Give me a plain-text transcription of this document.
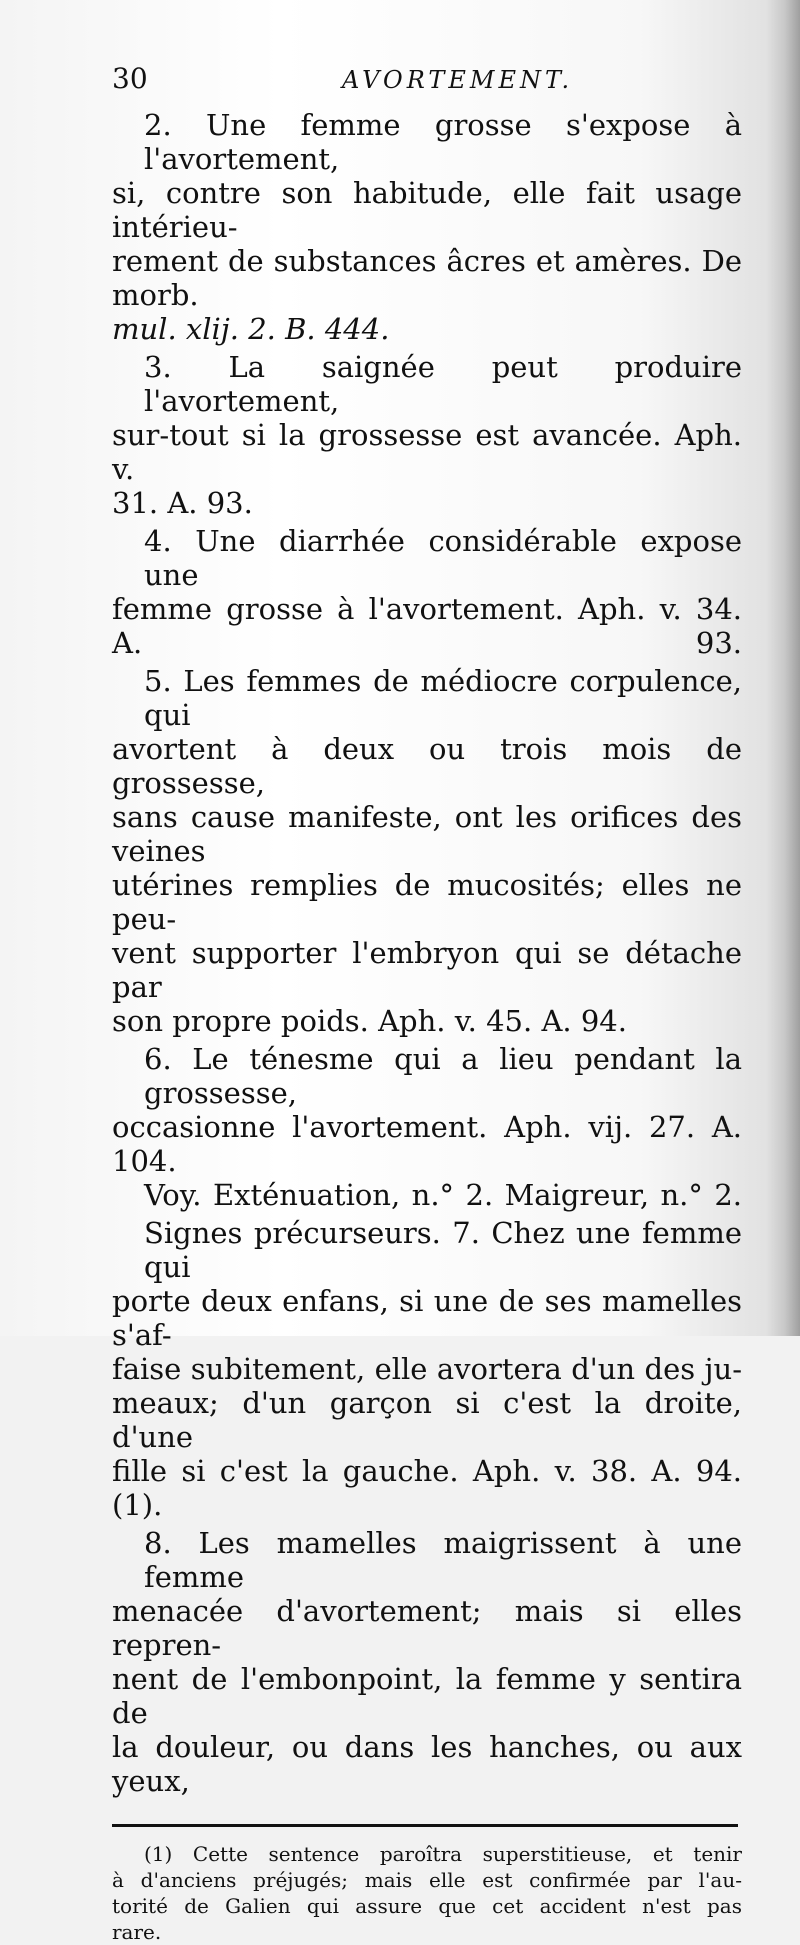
30	AVORTEMENT.
2. Une femme grosse s'expose à l'avortement,
si, contre son habitude, elle fait usage intérieu-
rement de substances âcres et amères. De morb.
mul. xlij. 2. B. 444.
3. La saignée peut produire l'avortement,
sur-tout si la grossesse est avancée. Aph. v.
31. A. 93.
4. Une diarrhée considérable expose une
femme grosse à l'avortement. Aph. v. 34. A. 93.
5. Les femmes de médiocre corpulence, qui
avortent à deux ou trois mois de grossesse,
sans cause manifeste, ont les orifices des veines
utérines remplies de mucosités; elles ne peu-
vent supporter l'embryon qui se détache par
son propre poids. Aph. v. 45. A. 94.
6. Le ténesme qui a lieu pendant la grossesse,
occasionne l'avortement. Aph. vij. 27. A. 104.
Voy. Exténuation, n.° 2. Maigreur, n.° 2.
Signes précurseurs. 7. Chez une femme qui
porte deux enfans, si une de ses mamelles s'af-
faise subitement, elle avortera d'un des ju-
meaux; d'un garçon si c'est la droite, d'une
fille si c'est la gauche. Aph. v. 38. A. 94. (1).
8. Les mamelles maigrissent à une femme
menacée d'avortement; mais si elles repren-
nent de l'embonpoint, la femme y sentira de
la douleur, ou dans les hanches, ou aux yeux,
(1) Cette sentence paroîtra superstitieuse, et tenir
à d'anciens préjugés; mais elle est confirmée par l'au-
torité de Galien qui assure que cet accident n'est pas
rare.
